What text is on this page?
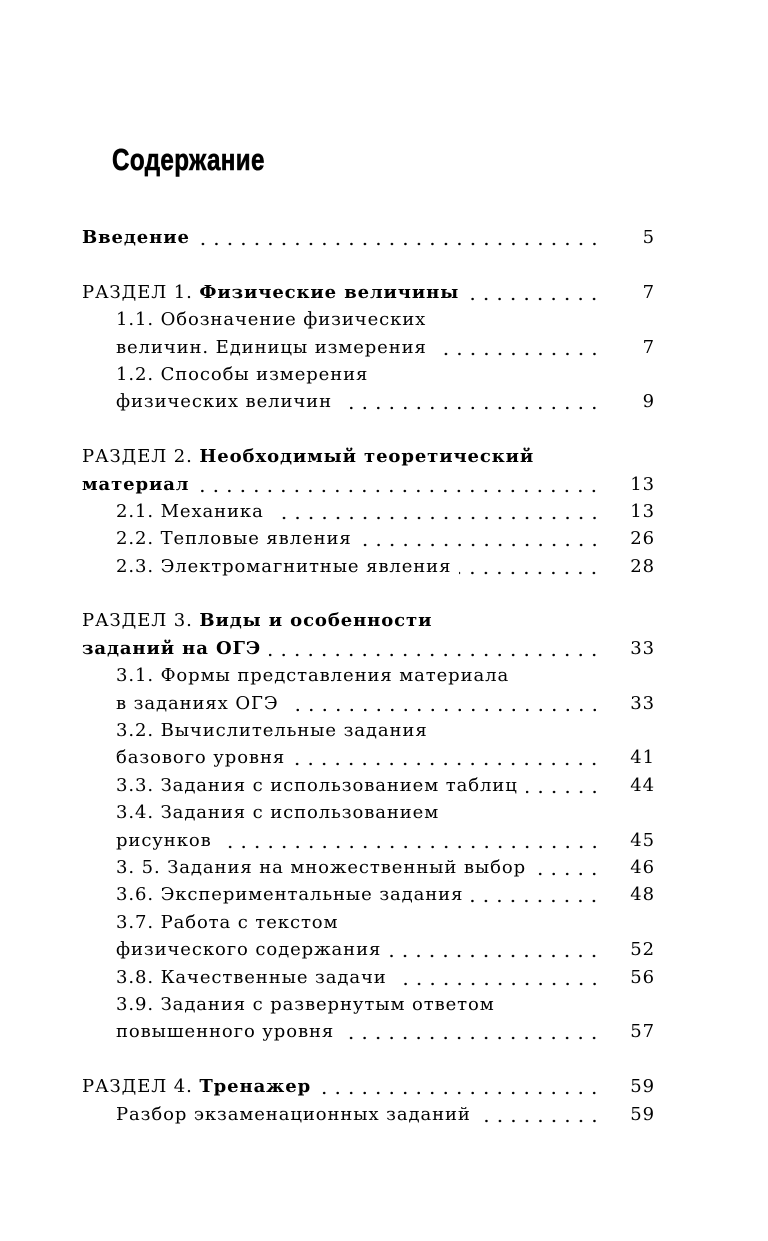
Содержание
Введение	5
РАЗДЕЛ 1. Физические величины	7
1.1. Обозначение физических
величин. Единицы измерения	7
1.2. Способы измерения
физических величин	9
РАЗДЕЛ 2. Необходимый теоретический
материал	13
2.1. Механика	13
2.2. Тепловые явления	26
2.3. Электромагнитные явления	28
РАЗДЕЛ 3. Виды и особенности
заданий на ОГЭ	33
3.1. Формы представления материала
в заданиях ОГЭ	33
3.2. Вычислительные задания
базового уровня	41
3.3. Задания с использованием таблиц	44
3.4. Задания с использованием
рисунков	45
3. 5. Задания на множественный выбор	46
3.6. Экспериментальные задания	48
3.7. Работа с текстом
физического содержания	52
3.8. Качественные задачи	56
3.9. Задания с развернутым ответом
повышенного уровня	57
РАЗДЕЛ 4. Тренажер	59
Разбор экзаменационных заданий	59
